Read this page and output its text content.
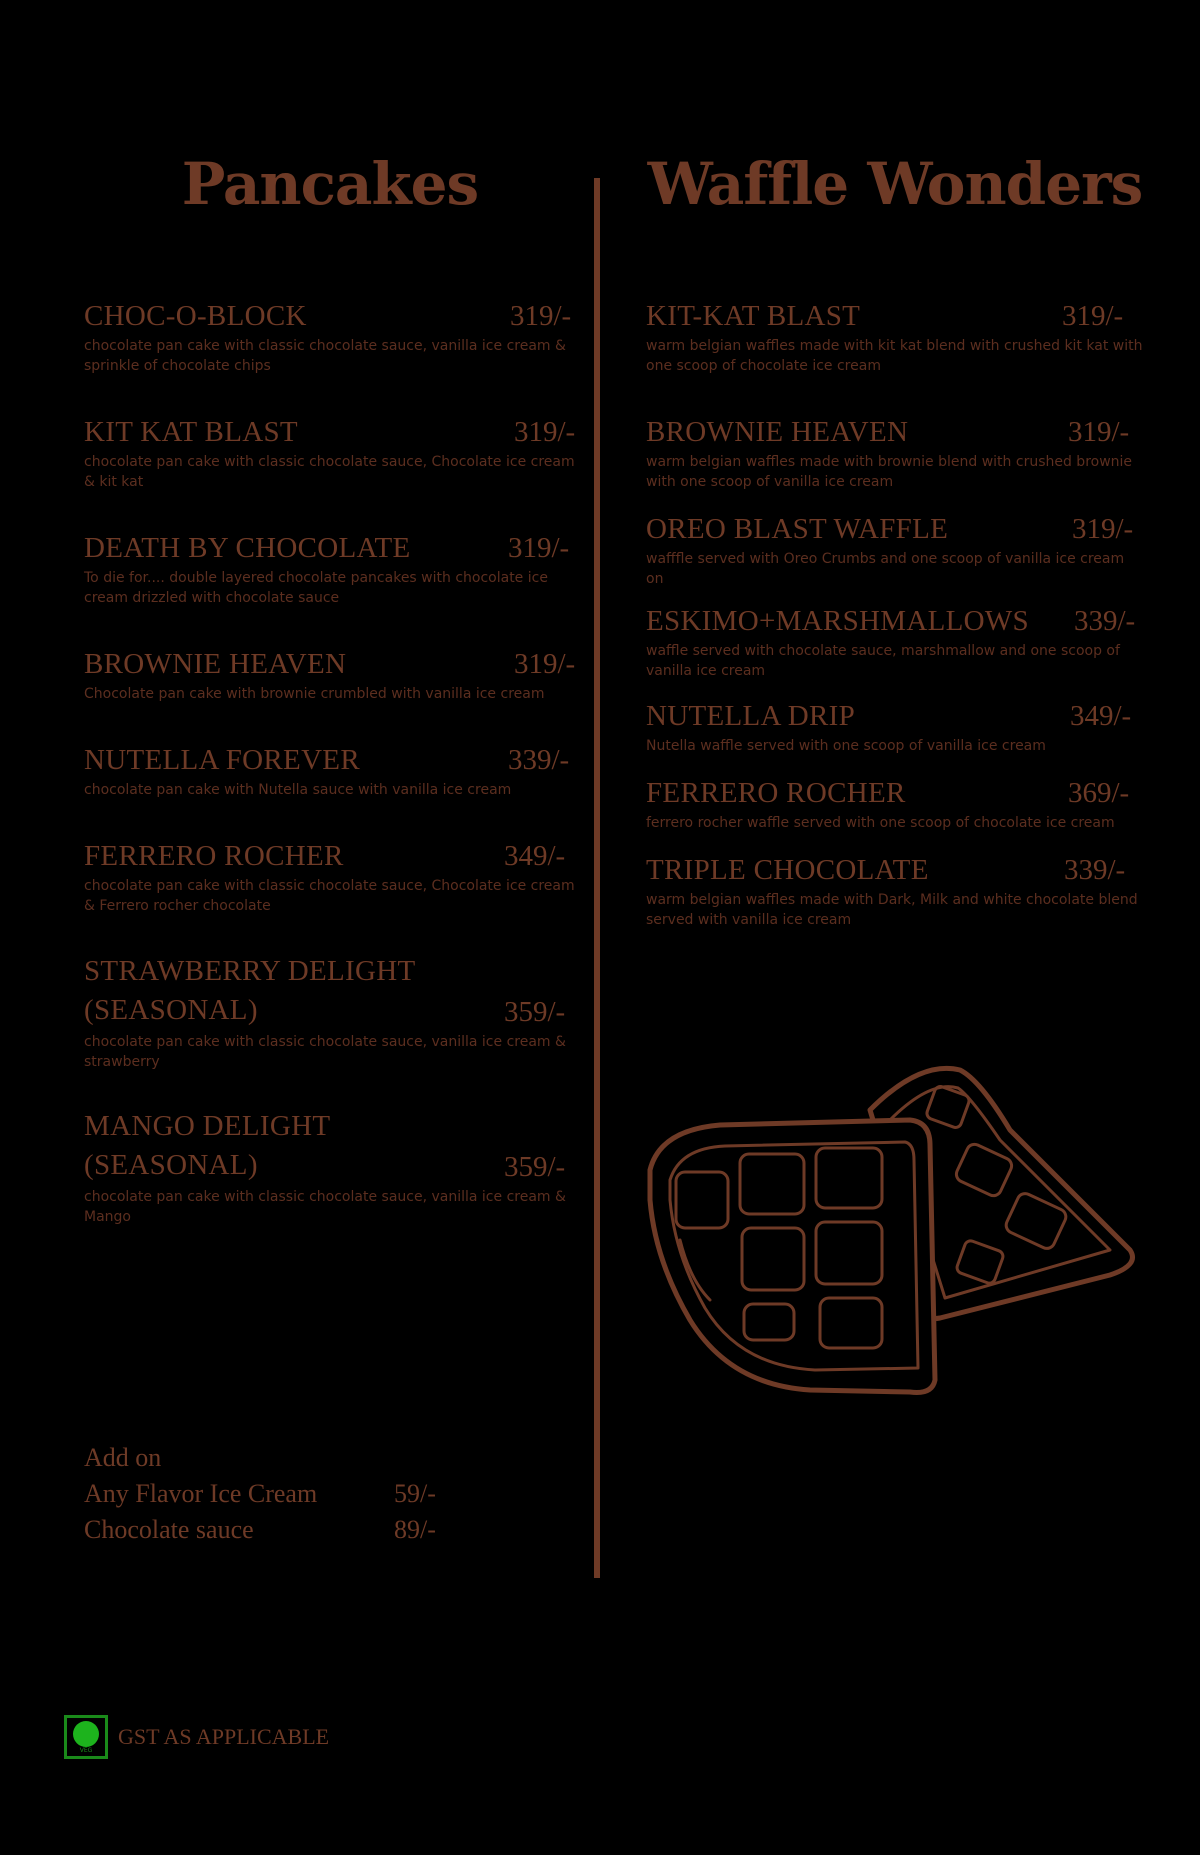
Pancakes	Waffle Wonders
CHOC-O-BLOCK	319/-
chocolate pan cake with classic chocolate sauce, vanilla ice cream & sprinkle of chocolate chips
KIT KAT BLAST	319/-
chocolate pan cake with classic chocolate sauce, Chocolate ice cream & kit kat
DEATH BY CHOCOLATE	319/-
To die for.... double layered chocolate pancakes with chocolate ice cream drizzled with chocolate sauce
BROWNIE HEAVEN	319/-
Chocolate pan cake with brownie crumbled with vanilla ice cream
NUTELLA FOREVER	339/-
chocolate pan cake with Nutella sauce with vanilla ice cream
FERRERO ROCHER	349/-
chocolate pan cake with classic chocolate sauce, Chocolate ice cream & Ferrero rocher chocolate
STRAWBERRY DELIGHT (SEASONAL)	359/-
chocolate pan cake with classic chocolate sauce, vanilla ice cream & strawberry
MANGO DELIGHT (SEASONAL)	359/-
chocolate pan cake with classic chocolate sauce, vanilla ice cream & Mango
KIT-KAT BLAST	319/-
warm belgian waffles made with kit kat blend with crushed kit kat with one scoop of chocolate ice cream
BROWNIE HEAVEN	319/-
warm belgian waffles made with brownie blend with crushed brownie with one scoop of vanilla ice cream
OREO BLAST WAFFLE	319/-
wafffle served with Oreo Crumbs and one scoop of vanilla ice cream on
ESKIMO+MARSHMALLOWS 339/-
waffle served with chocolate sauce, marshmallow and one scoop of vanilla ice cream
NUTELLA DRIP	349/-
Nutella waffle served with one scoop of vanilla ice cream
FERRERO ROCHER	369/-
ferrero rocher waffle served with one scoop of chocolate ice cream
TRIPLE CHOCOLATE	339/-
warm belgian waffles made with Dark, Milk and white chocolate blend served with vanilla ice cream
Add on
Any Flavor Ice Cream	59/-
Chocolate sauce	89/-
VEG
GST AS APPLICABLE
